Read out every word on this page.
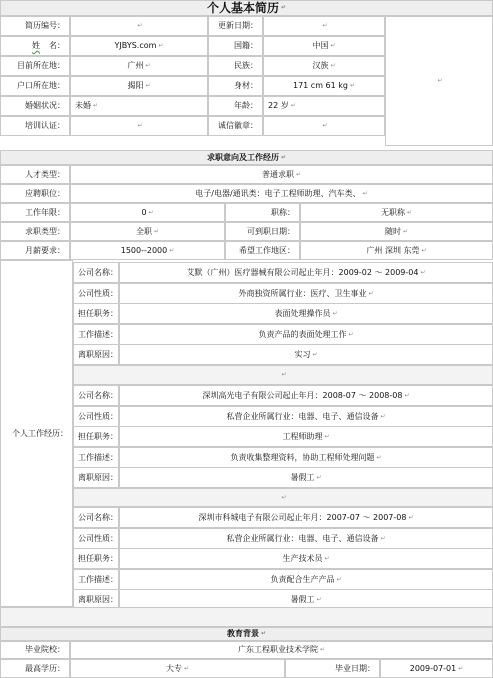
个人基本简历 ↵
简历编号：	↵	更新日期：	↵
姓 名：	YJBYS.com ↵	国籍：	中国 ↵
目前所在地：	广州 ↵	民族：	汉族 ↵
户口所在地：	揭阳 ↵	身材：	171 cm 61 kg ↵
婚姻状况： 未婚 ↵	年龄： 22 岁 ↵
培训认证：	↵	诚信徽章：	↵
↵
求职意向及工作经历 ↵
人才类型：	普通求职 ↵
应聘职位：	电子/电器/通讯类：电子工程师助理、汽车类、 ↵
工作年限：	0 ↵	职称：	无职称 ↵
求职类型：	全职 ↵	可到职日期：	随时 ↵
月薪要求：	1500--2000 ↵	希望工作地区：	广州 深圳 东莞 ↵
个人工作经历：
公司名称：	艾默（广州）医疗器械有限公司起止年月：2009-02 ～ 2009-04 ↵
公司性质：	外商独资所属行业：医疗、卫生事业 ↵
担任职务：	表面处理操作员 ↵
工作描述：	负责产品的表面处理工作 ↵
离职原因：	实习 ↵
↵
公司名称：	深圳高光电子有限公司起止年月：2008-07 ～ 2008-08 ↵
公司性质：	私营企业所属行业：电器、电子、通信设备 ↵
担任职务：	工程师助理 ↵
工作描述：	负责收集整理资料，协助工程师处理问题 ↵
离职原因：	暑假工 ↵
↵
公司名称：	深圳市科城电子有限公司起止年月：2007-07 ～ 2007-08 ↵
公司性质：	私营企业所属行业：电器、电子、通信设备 ↵
担任职务：	生产技术员 ↵
工作描述：	负责配合生产产品 ↵
离职原因：	暑假工 ↵
教育背景 ↵
毕业院校：	广东工程职业技术学院 ↵
最高学历：	大专 ↵	毕业日期：	2009-07-01 ↵
